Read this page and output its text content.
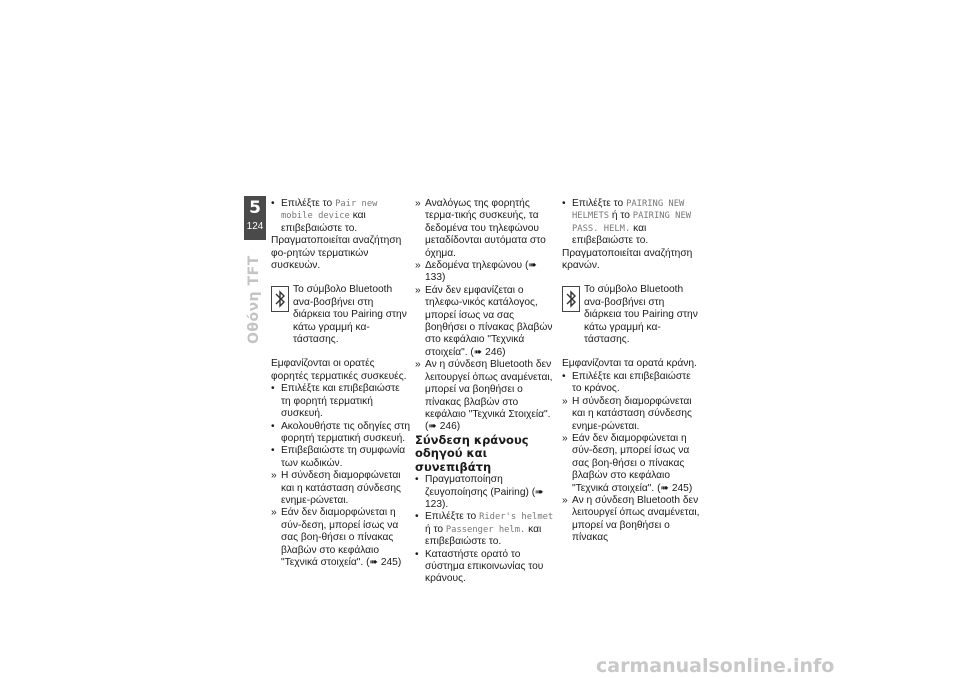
5
124
Οθόνη TFT

• Επιλέξτε το Pair new mobile device και επιβεβαιώστε το.

Πραγματοποιείται αναζήτηση φο-ρητών τερματικών συσκευών.

Το σύμβολο Bluetooth ανα-βοσβήνει στη διάρκεια του Pairing στην κάτω γραμμή κα-τάστασης.

Εμφανίζονται οι ορατές φορητές τερματικές συσκευές.

• Επιλέξτε και επιβεβαιώστε τη φορητή τερματική συσκευή.

• Ακολουθήστε τις οδηγίες στη φορητή τερματική συσκευή.

• Επιβεβαιώστε τη συμφωνία των κωδικών.

» Η σύνδεση διαμορφώνεται και η κατάσταση σύνδεσης ενημε-ρώνεται.

» Εάν δεν διαμορφώνεται η σύν-δεση, μπορεί ίσως να σας βοη-θήσει ο πίνακας βλαβών στο κεφάλαιο "Τεχνικά στοιχεία". (➠ 245)

» Αναλόγως της φορητής τερμα-τικής συσκευής, τα δεδομένα του τηλεφώνου μεταδίδονται αυτόματα στο όχημα.

» Δεδομένα τηλεφώνου (➠ 133)

» Εάν δεν εμφανίζεται ο τηλεφω-νικός κατάλογος, μπορεί ίσως να σας βοηθήσει ο πίνακας βλαβών στο κεφάλαιο "Τεχνικά στοιχεία". (➠ 246)

» Αν η σύνδεση Bluetooth δεν λειτουργεί όπως αναμένεται, μπορεί να βοηθήσει ο πίνακας βλαβών στο κεφάλαιο "Τεχνικά Στοιχεία". (➠ 246)

Σύνδεση κράνους οδηγού και συνεπιβάτη

• Πραγματοποίηση ζευγοποίησης (Pairing) (➠ 123).

• Επιλέξτε το Rider's helmet ή το Passenger helm. και επιβεβαιώστε το.

• Καταστήστε ορατό το σύστημα επικοινωνίας του κράνους.

• Επιλέξτε το PAIRING NEW HELMETS ή το PAIRING NEW PASS. HELM. και επιβεβαιώστε το.

Πραγματοποιείται αναζήτηση κρανών.

Το σύμβολο Bluetooth ανα-βοσβήνει στη διάρκεια του Pairing στην κάτω γραμμή κα-τάστασης.

Εμφανίζονται τα ορατά κράνη.

• Επιλέξτε και επιβεβαιώστε το κράνος.

» Η σύνδεση διαμορφώνεται και η κατάσταση σύνδεσης ενημε-ρώνεται.

» Εάν δεν διαμορφώνεται η σύν-δεση, μπορεί ίσως να σας βοη-θήσει ο πίνακας βλαβών στο κεφάλαιο "Τεχνικά στοιχεία". (➠ 245)

» Αν η σύνδεση Bluetooth δεν λειτουργεί όπως αναμένεται, μπορεί να βοηθήσει ο πίνακας

carmanualsonline.info
